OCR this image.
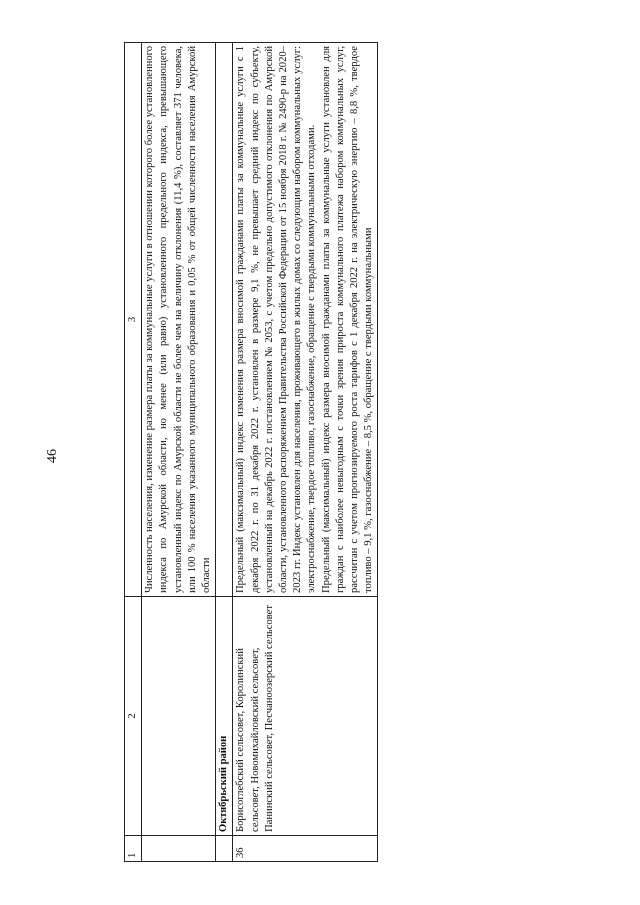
46
1	2	3
		Численность населения, изменение размера платы за коммунальные услуги в отношении которого более установленного индекса по Амурской области, но менее (или равно) установленного предельного индекса, превышающего установленный индекс по Амурской области не более чем на величину отклонения (11,4 %), составляет 371 человека, или 100 % населения указанного муниципального образования и 0,05 % от общей численности населения Амурской области
	Октябрьский район	
36	Борисоглебский сельсовет, Королинский сельсовет, Новомихайловский сельсовет, Панинский сельсовет, Песчаноозерский сельсовет	Предельный (максимальный) индекс изменения размера вносимой гражданами платы за коммунальные услуги с 1 декабря 2022 г. по 31 декабря 2022 г. установлен в размере 9,1 %, не превышает средний индекс по субъекту, установленный на декабрь 2022 г. постановлением № 2053, с учетом предельно допустимого отклонения по Амурской области, установленного распоряжением Правительства Российской Федерации от 15 ноября 2018 г. № 2490-р на 2020–2023 гг. Индекс установлен для населения, проживающего в жилых домах со следующим набором коммунальных услуг: электроснабжение, твердое топливо, газоснабжение, обращение с твердыми коммунальными отходами. Предельный (максимальный) индекс размера вносимой гражданами платы за коммунальные услуги установлен для граждан с наиболее невыгодным с точки зрения прироста коммунального платежа набором коммунальных услуг, рассчитан с учетом прогнозируемого роста тарифов с 1 декабря 2022 г. на электрическую энергию – 8,8 %, твердое топливо – 9,1 %, газоснабжение – 8,5 %, обращение с твердыми коммунальными
